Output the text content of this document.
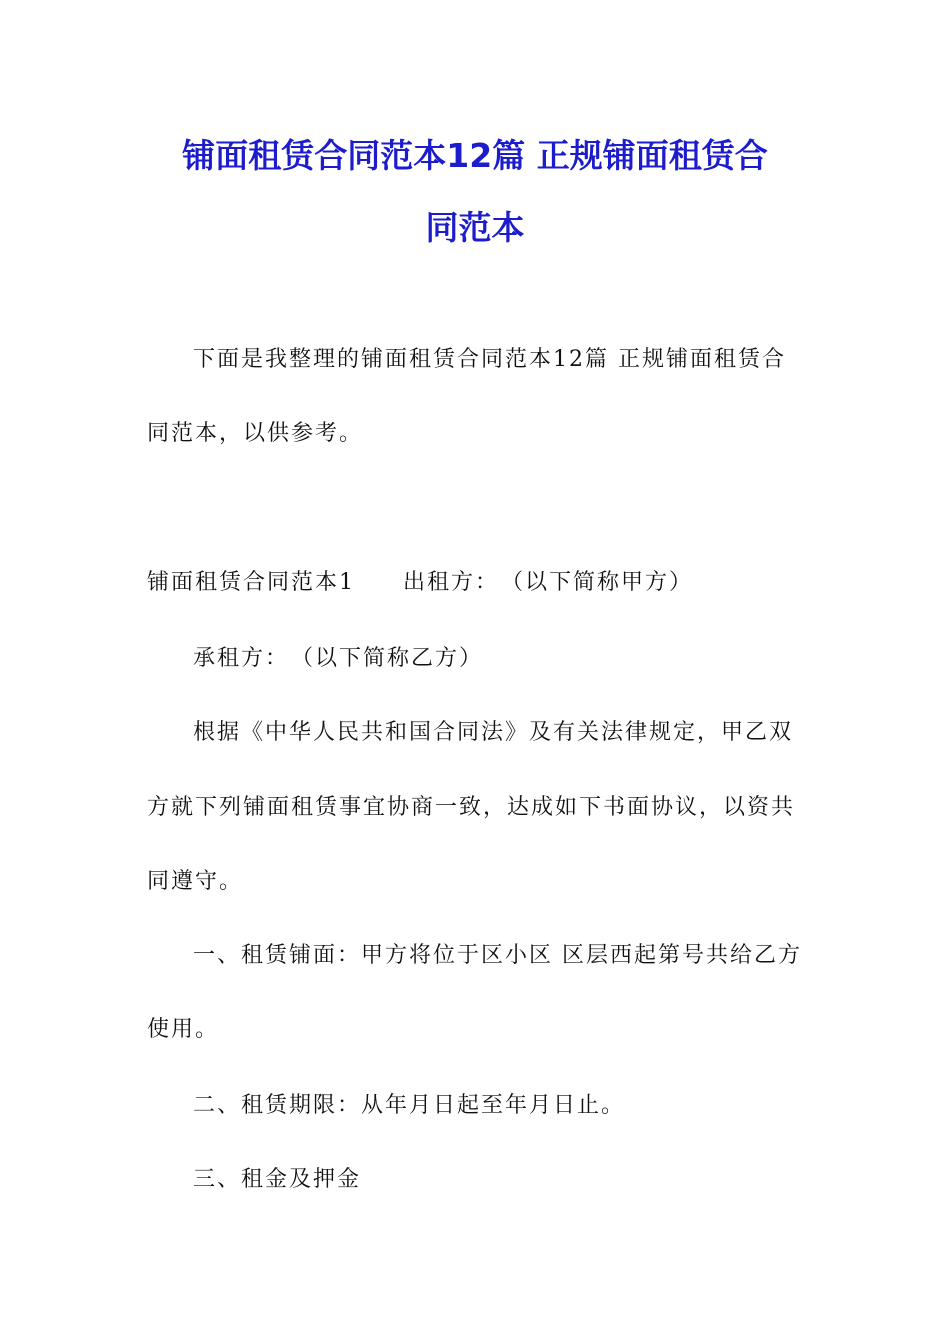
铺面租赁合同范本12篇 正规铺面租赁合
同范本

下面是我整理的铺面租赁合同范本12篇 正规铺面租赁合

同范本，以供参考。

铺面租赁合同范本1　　出租方：　（以下简称甲方）

承租方：　（以下简称乙方）

根据《中华人民共和国合同法》及有关法律规定，甲乙双

方就下列铺面租赁事宜协商一致，达成如下书面协议，以资共

同遵守。

一、租赁铺面：甲方将位于区小区 区层西起第号共给乙方

使用。

二、租赁期限：从年月日起至年月日止。

三、租金及押金
